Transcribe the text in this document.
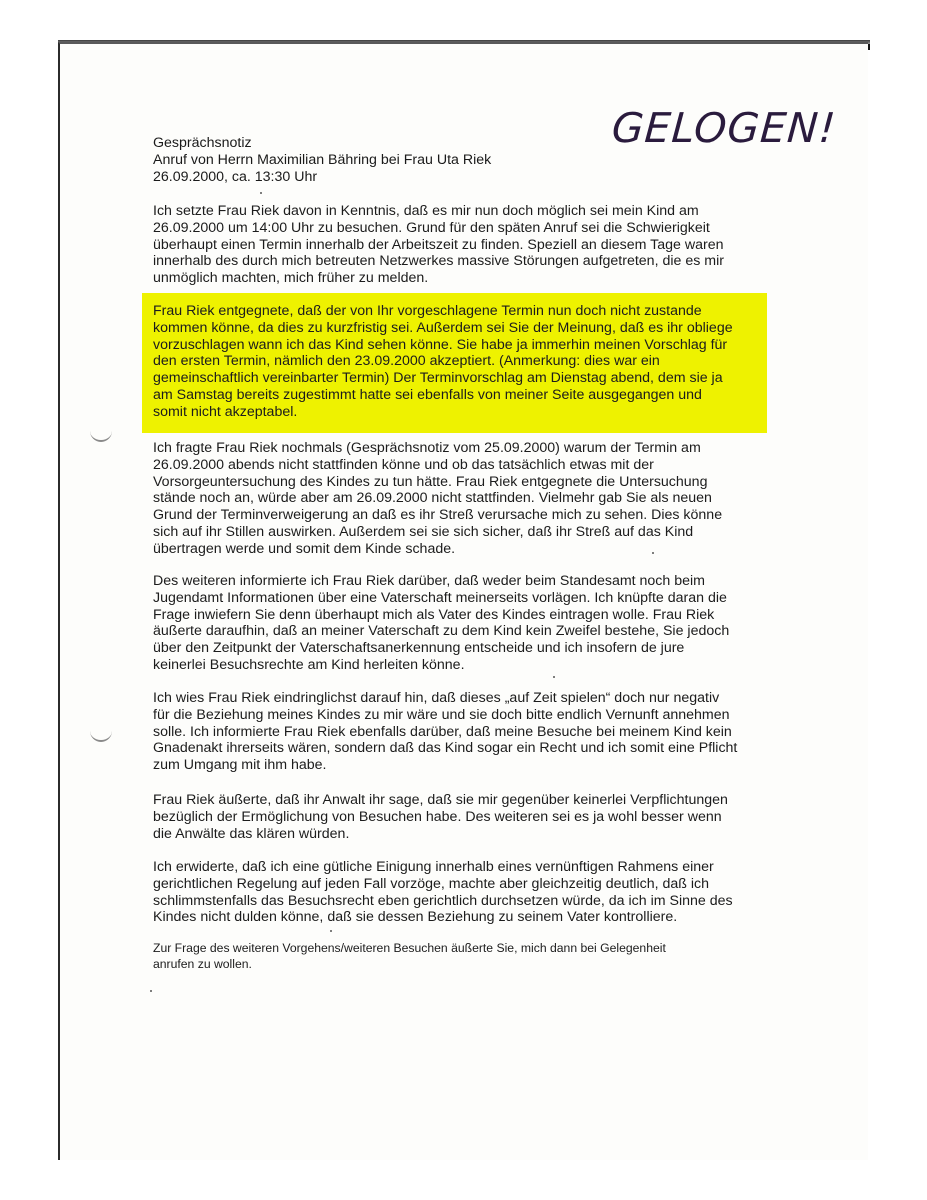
GELOGEN!
Gesprächsnotiz
Anruf von Herrn Maximilian Bähring bei Frau Uta Riek
26.09.2000, ca. 13:30 Uhr
Ich setzte Frau Riek davon in Kenntnis, daß es mir nun doch möglich sei mein Kind am
26.09.2000 um 14:00 Uhr zu besuchen. Grund für den späten Anruf sei die Schwierigkeit
überhaupt einen Termin innerhalb der Arbeitszeit zu finden. Speziell an diesem Tage waren
innerhalb des durch mich betreuten Netzwerkes massive Störungen aufgetreten, die es mir
unmöglich machten, mich früher zu melden.
Frau Riek entgegnete, daß der von Ihr vorgeschlagene Termin nun doch nicht zustande
kommen könne, da dies zu kurzfristig sei. Außerdem sei Sie der Meinung, daß es ihr obliege
vorzuschlagen wann ich das Kind sehen könne. Sie habe ja immerhin meinen Vorschlag für
den ersten Termin, nämlich den 23.09.2000 akzeptiert. (Anmerkung: dies war ein
gemeinschaftlich vereinbarter Termin) Der Terminvorschlag am Dienstag abend, dem sie ja
am Samstag bereits zugestimmt hatte sei ebenfalls von meiner Seite ausgegangen und
somit nicht akzeptabel.
Ich fragte Frau Riek nochmals (Gesprächsnotiz vom 25.09.2000) warum der Termin am
26.09.2000 abends nicht stattfinden könne und ob das tatsächlich etwas mit der
Vorsorgeuntersuchung des Kindes zu tun hätte. Frau Riek entgegnete die Untersuchung
stände noch an, würde aber am 26.09.2000 nicht stattfinden. Vielmehr gab Sie als neuen
Grund der Terminverweigerung an daß es ihr Streß verursache mich zu sehen. Dies könne
sich auf ihr Stillen auswirken. Außerdem sei sie sich sicher, daß ihr Streß auf das Kind
übertragen werde und somit dem Kinde schade.
Des weiteren informierte ich Frau Riek darüber, daß weder beim Standesamt noch beim
Jugendamt Informationen über eine Vaterschaft meinerseits vorlägen. Ich knüpfte daran die
Frage inwiefern Sie denn überhaupt mich als Vater des Kindes eintragen wolle. Frau Riek
äußerte daraufhin, daß an meiner Vaterschaft zu dem Kind kein Zweifel bestehe, Sie jedoch
über den Zeitpunkt der Vaterschaftsanerkennung entscheide und ich insofern de jure
keinerlei Besuchsrechte am Kind herleiten könne.
Ich wies Frau Riek eindringlichst darauf hin, daß dieses „auf Zeit spielen“ doch nur negativ
für die Beziehung meines Kindes zu mir wäre und sie doch bitte endlich Vernunft annehmen
solle. Ich informierte Frau Riek ebenfalls darüber, daß meine Besuche bei meinem Kind kein
Gnadenakt ihrerseits wären, sondern daß das Kind sogar ein Recht und ich somit eine Pflicht
zum Umgang mit ihm habe.
Frau Riek äußerte, daß ihr Anwalt ihr sage, daß sie mir gegenüber keinerlei Verpflichtungen
bezüglich der Ermöglichung von Besuchen habe. Des weiteren sei es ja wohl besser wenn
die Anwälte das klären würden.
Ich erwiderte, daß ich eine gütliche Einigung innerhalb eines vernünftigen Rahmens einer
gerichtlichen Regelung auf jeden Fall vorzöge, machte aber gleichzeitig deutlich, daß ich
schlimmstenfalls das Besuchsrecht eben gerichtlich durchsetzen würde, da ich im Sinne des
Kindes nicht dulden könne, daß sie dessen Beziehung zu seinem Vater kontrolliere.
Zur Frage des weiteren Vorgehens/weiteren Besuchen äußerte Sie, mich dann bei Gelegenheit
anrufen zu wollen.
